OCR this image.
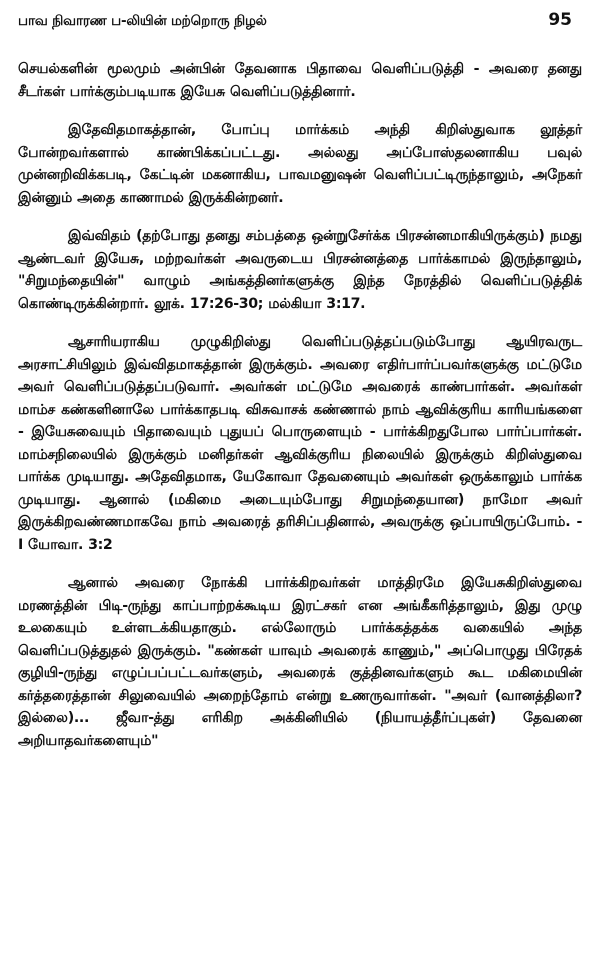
பாவ நிவாரண ப-லியின் மற்றொரு நிழல்	95

செயல்களின் மூலமும் அன்பின் தேவனாக பிதாவை வெளிப்படுத்தி - அவரை தனது சீடர்கள் பார்க்கும்படியாக இயேசு வெளிப்படுத்தினார்.

இதேவிதமாகத்தான், போப்பு மார்க்கம் அந்தி கிறிஸ்துவாக லூத்தர் போன்றவர்களால் காண்பிக்கப்பட்டது. அல்லது அப்போஸ்தலனாகிய பவுல் முன்னறிவிக்கபடி, கேட்டின் மகனாகிய, பாவமனுஷன் வெளிப்பட்டிருந்தாலும், அநேகர் இன்னும் அதை காணாமல் இருக்கின்றனர்.

இவ்விதம் (தற்போது தனது சம்பத்தை ஒன்றுசேர்க்க பிரசன்னமாகியிருக்கும்) நமது ஆண்டவர் இயேசு, மற்றவர்கள் அவருடைய பிரசன்னத்தை பார்க்காமல் இருந்தாலும், "சிறுமந்தையின்" வாழும் அங்கத்தினர்களுக்கு இந்த நேரத்தில் வெளிப்படுத்திக் கொண்டிருக்கின்றார். லூக். 17:26-30; மல்கியா 3:17.

ஆசாரியராகிய முழுகிறிஸ்து வெளிப்படுத்தப்படும்போது ஆயிரவருட அரசாட்சியிலும் இவ்விதமாகத்தான் இருக்கும். அவரை எதிர்பார்ப்பவர்களுக்கு மட்டுமே அவர் வெளிப்படுத்தப்படுவார். அவர்கள் மட்டுமே அவரைக் காண்பார்கள். அவர்கள் மாம்ச கண்களினாலே பார்க்காதபடி விசுவாசக் கண்ணால் நாம் ஆவிக்குரிய காரியங்களை - இயேசுவையும் பிதாவையும் புதுயப் பொருளையும் - பார்க்கிறதுபோல பார்ப்பார்கள். மாம்சநிலையில் இருக்கும் மனிதர்கள் ஆவிக்குரிய நிலையில் இருக்கும் கிறிஸ்துவை பார்க்க முடியாது. அதேவிதமாக, யேகோவா தேவனையும் அவர்கள் ஒருக்காலும் பார்க்க முடியாது. ஆனால் (மகிமை அடையும்போது சிறுமந்தையான) நாமோ அவர் இருக்கிறவண்ணமாகவே நாம் அவரைத் தரிசிப்பதினால், அவருக்கு ஒப்பாயிருப்போம். - I யோவா. 3:2

ஆனால் அவரை நோக்கி பார்க்கிறவர்கள் மாத்திரமே இயேசுகிறிஸ்துவை மரணத்தின் பிடி-ருந்து காப்பாற்றக்கூடிய இரட்சகர் என அங்கீகரித்தாலும், இது முழு உலகையும் உள்ளடக்கியதாகும். எல்லோரும் பார்க்கத்தக்க வகையில் அந்த வெளிப்படுத்துதல் இருக்கும். "கண்கள் யாவும் அவரைக் காணும்," அப்பொழுது பிரேதக் குழியி-ருந்து எழுப்பப்பட்டவர்களும், அவரைக் குத்தினவர்களும் கூட மகிமையின் கர்த்தரைத்தான் சிலுவையில் அறைந்தோம் என்று உணருவார்கள். "அவர் (வானத்திலா? இல்லை)... ஜீவா-த்து எரிகிற அக்கினியில் (நியாயத்தீர்ப்புகள்) தேவனை அறியாதவர்களையும்"
